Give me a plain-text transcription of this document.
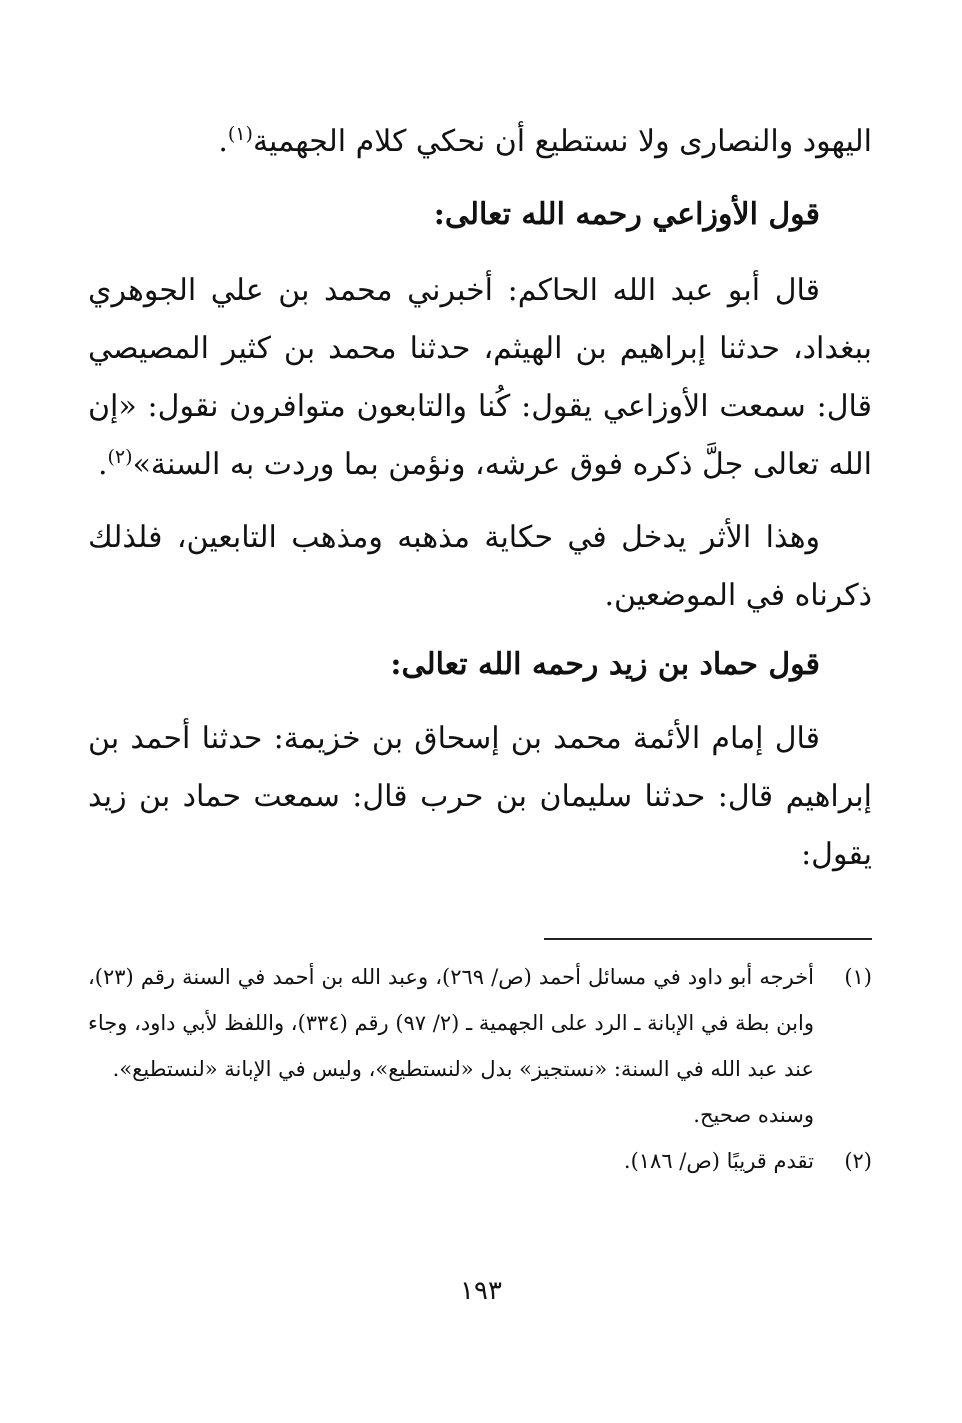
اليهود والنصارى ولا نستطيع أن نحكي كلام الجهمية$^{(١)}$.

قول الأوزاعي رحمه الله تعالى:

قال أبو عبد الله الحاكم: أخبرني محمد بن علي الجوهري ببغداد، حدثنا إبراهيم بن الهيثم، حدثنا محمد بن كثير المصيصي قال: سمعت الأوزاعي يقول: كُنا والتابعون متوافرون نقول: «إن الله تعالى جلَّ ذكره فوق عرشه، ونؤمن بما وردت به السنة»$^{(٢)}$.

وهذا الأثر يدخل في حكاية مذهبه ومذهب التابعين، فلذلك ذكرناه في الموضعين.

قول حماد بن زيد رحمه الله تعالى:

قال إمام الأئمة محمد بن إسحاق بن خزيمة: حدثنا أحمد بن إبراهيم قال: حدثنا سليمان بن حرب قال: سمعت حماد بن زيد يقول:

(١)
أخرجه أبو داود في مسائل أحمد (ص/ ٢٦٩)، وعبد الله بن أحمد في السنة رقم (٢٣)، وابن بطة في الإبانة ـ الرد على الجهمية ـ (٢/ ٩٧) رقم (٣٣٤)، واللفظ لأبي داود، وجاء عند عبد الله في السنة: «نستجيز» بدل «لنستطيع»، وليس في الإبانة «لنستطيع».

وسنده صحيح.

(٢)
تقدم قريبًا (ص/ ١٨٦).

١٩٣
